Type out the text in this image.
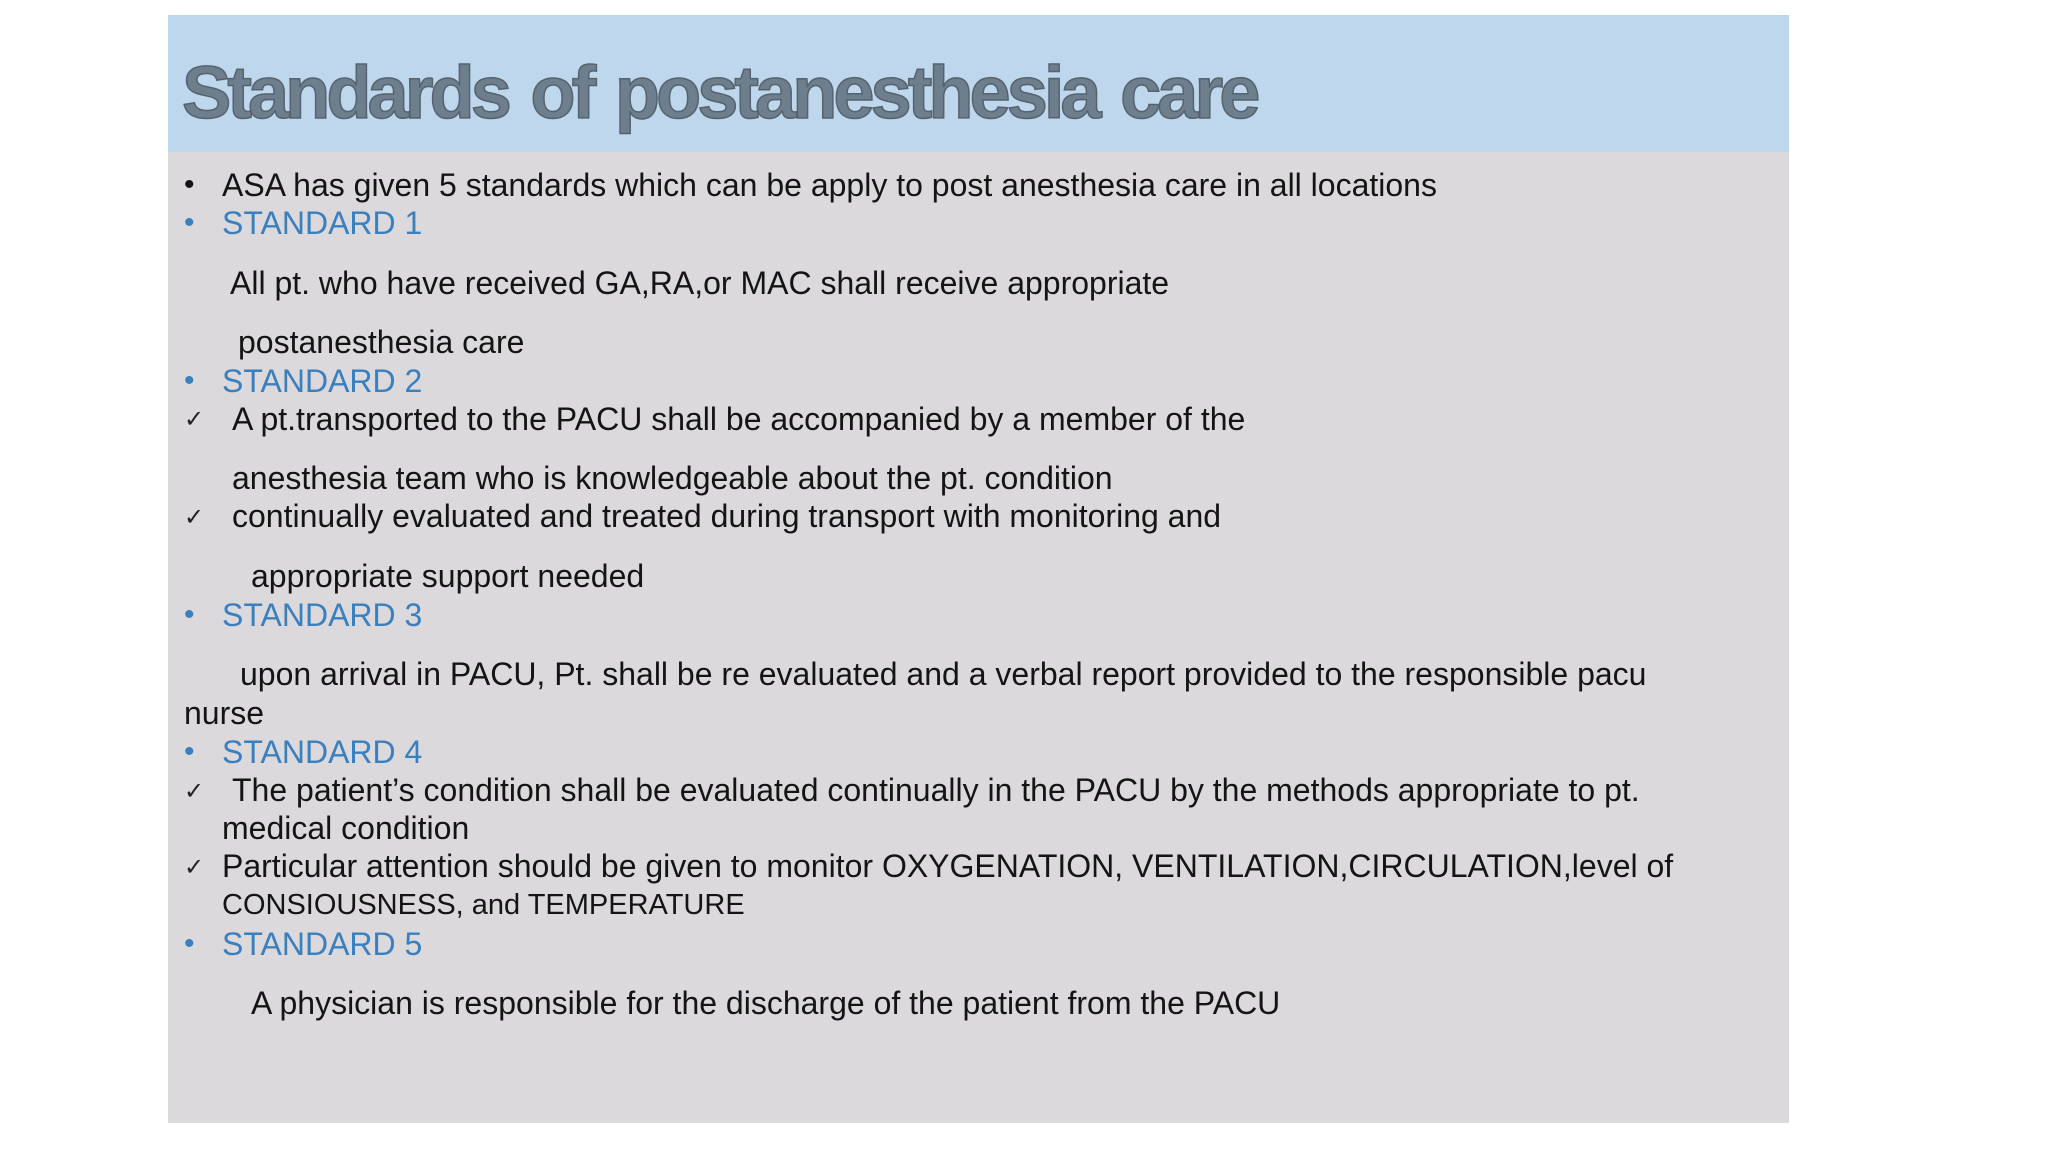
Standards of postanesthesia care
• ASA has given 5 standards which can be apply to post anesthesia care in all locations
• STANDARD 1
All pt. who have received GA,RA,or MAC shall receive appropriate
postanesthesia care
• STANDARD 2
✓ A pt.transported to the PACU shall be accompanied by a member of the
anesthesia team who is knowledgeable about the pt. condition
✓ continually evaluated and treated during transport with monitoring and
appropriate support needed
• STANDARD 3
upon arrival in PACU, Pt. shall be re evaluated and a verbal report provided to the responsible pacu
nurse
• STANDARD 4
✓ The patient’s condition shall be evaluated continually in the PACU by the methods appropriate to pt.
medical condition
✓ Particular attention should be given to monitor OXYGENATION, VENTILATION,CIRCULATION,level of
CONSIOUSNESS, and TEMPERATURE
• STANDARD 5
A physician is responsible for the discharge of the patient from the PACU
